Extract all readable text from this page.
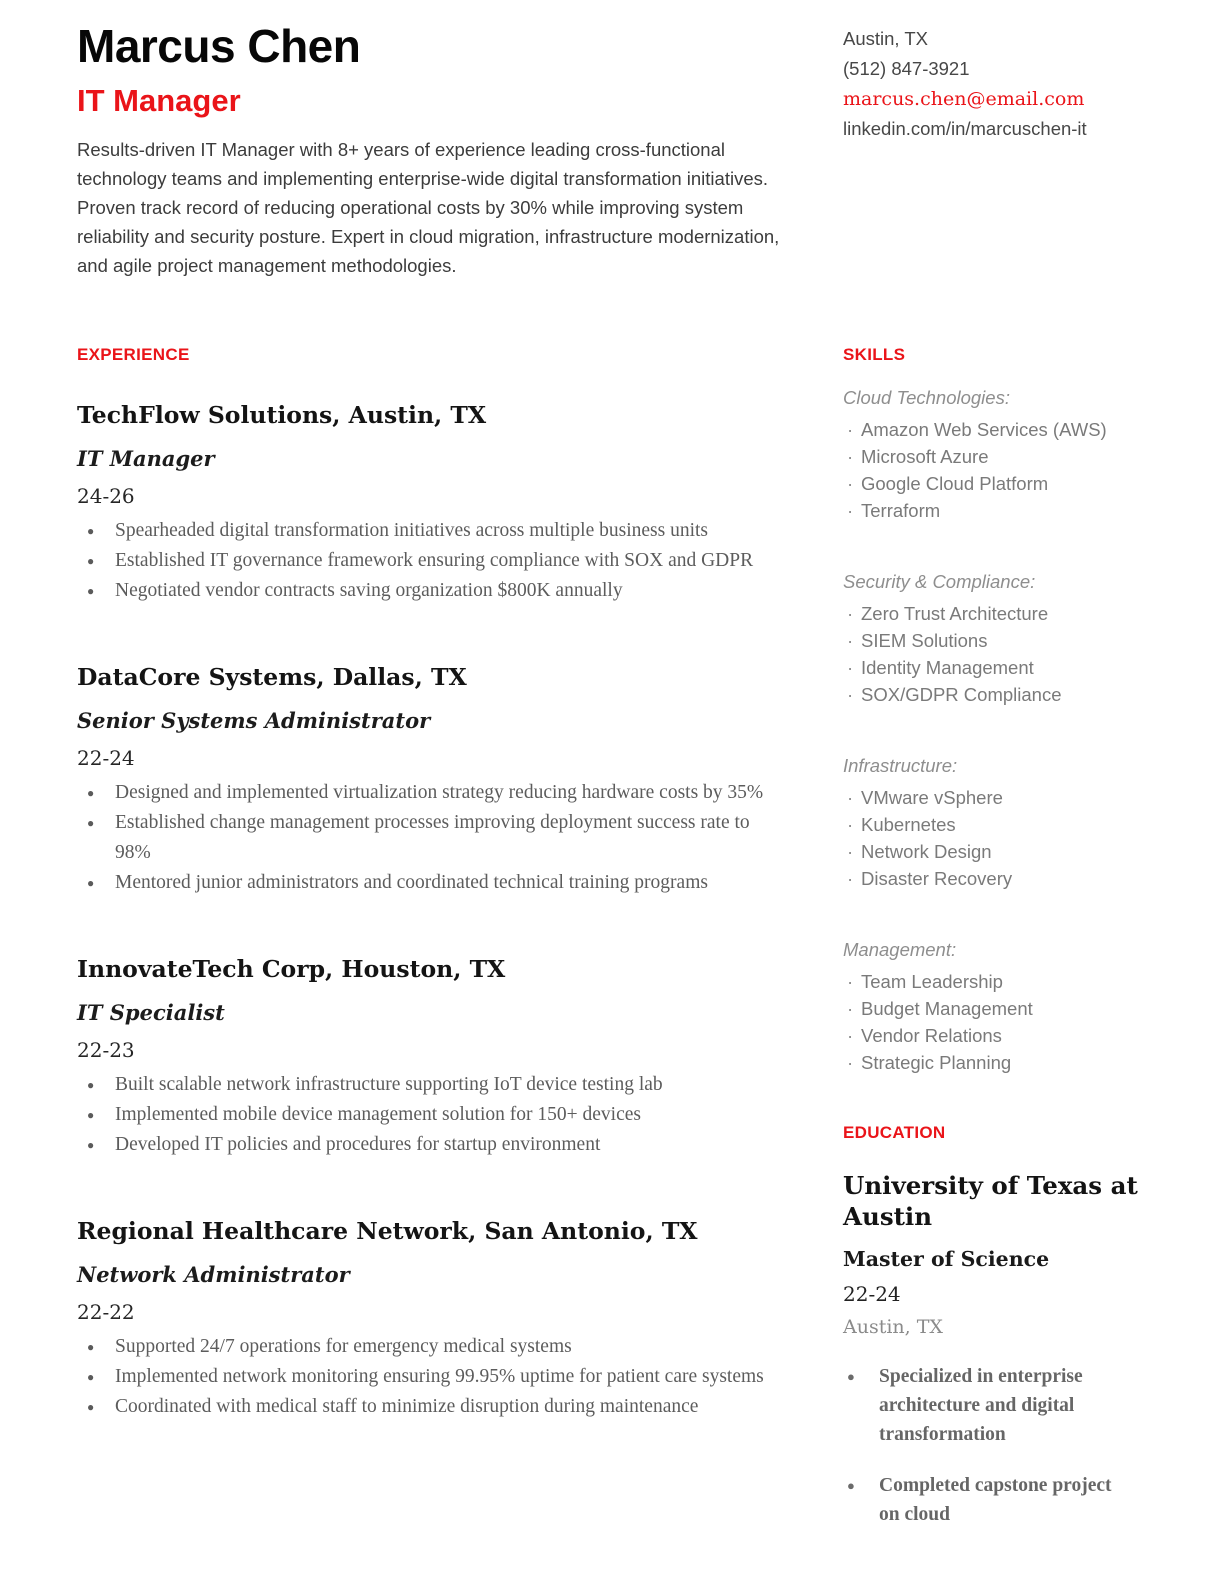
Marcus Chen
IT Manager

Results-driven IT Manager with 8+ years of experience leading cross-functional technology teams and implementing enterprise-wide digital transformation initiatives. Proven track record of reducing operational costs by 30% while improving system reliability and security posture. Expert in cloud migration, infrastructure modernization, and agile project management methodologies.

Austin, TX
(512) 847-3921
marcus.chen@email.com
linkedin.com/in/marcuschen-it
EXPERIENCE
TechFlow Solutions, Austin, TX
IT Manager
24-26
●	Spearheaded digital transformation initiatives across multiple business units
●	Established IT governance framework ensuring compliance with SOX and GDPR
●	Negotiated vendor contracts saving organization $800K annually
DataCore Systems, Dallas, TX
Senior Systems Administrator
22-24
●	Designed and implemented virtualization strategy reducing hardware costs by 35%
●	Established change management processes improving deployment success rate to 98%
●	Mentored junior administrators and coordinated technical training programs
InnovateTech Corp, Houston, TX
IT Specialist
22-23
●	Built scalable network infrastructure supporting IoT device testing lab
●	Implemented mobile device management solution for 150+ devices
●	Developed IT policies and procedures for startup environment
Regional Healthcare Network, San Antonio, TX
Network Administrator
22-22
●	Supported 24/7 operations for emergency medical systems
●	Implemented network monitoring ensuring 99.95% uptime for patient care systems
●	Coordinated with medical staff to minimize disruption during maintenance
SKILLS
Cloud Technologies:
· Amazon Web Services (AWS)
· Microsoft Azure
· Google Cloud Platform
· Terraform
Security & Compliance:
· Zero Trust Architecture
· SIEM Solutions
· Identity Management
· SOX/GDPR Compliance
Infrastructure:
· VMware vSphere
· Kubernetes
· Network Design
· Disaster Recovery
Management:
· Team Leadership
· Budget Management
· Vendor Relations
· Strategic Planning
EDUCATION
University of Texas at Austin
Master of Science
22-24
Austin, TX
●	Specialized in enterprise architecture and digital transformation
●	Completed capstone project on cloud
